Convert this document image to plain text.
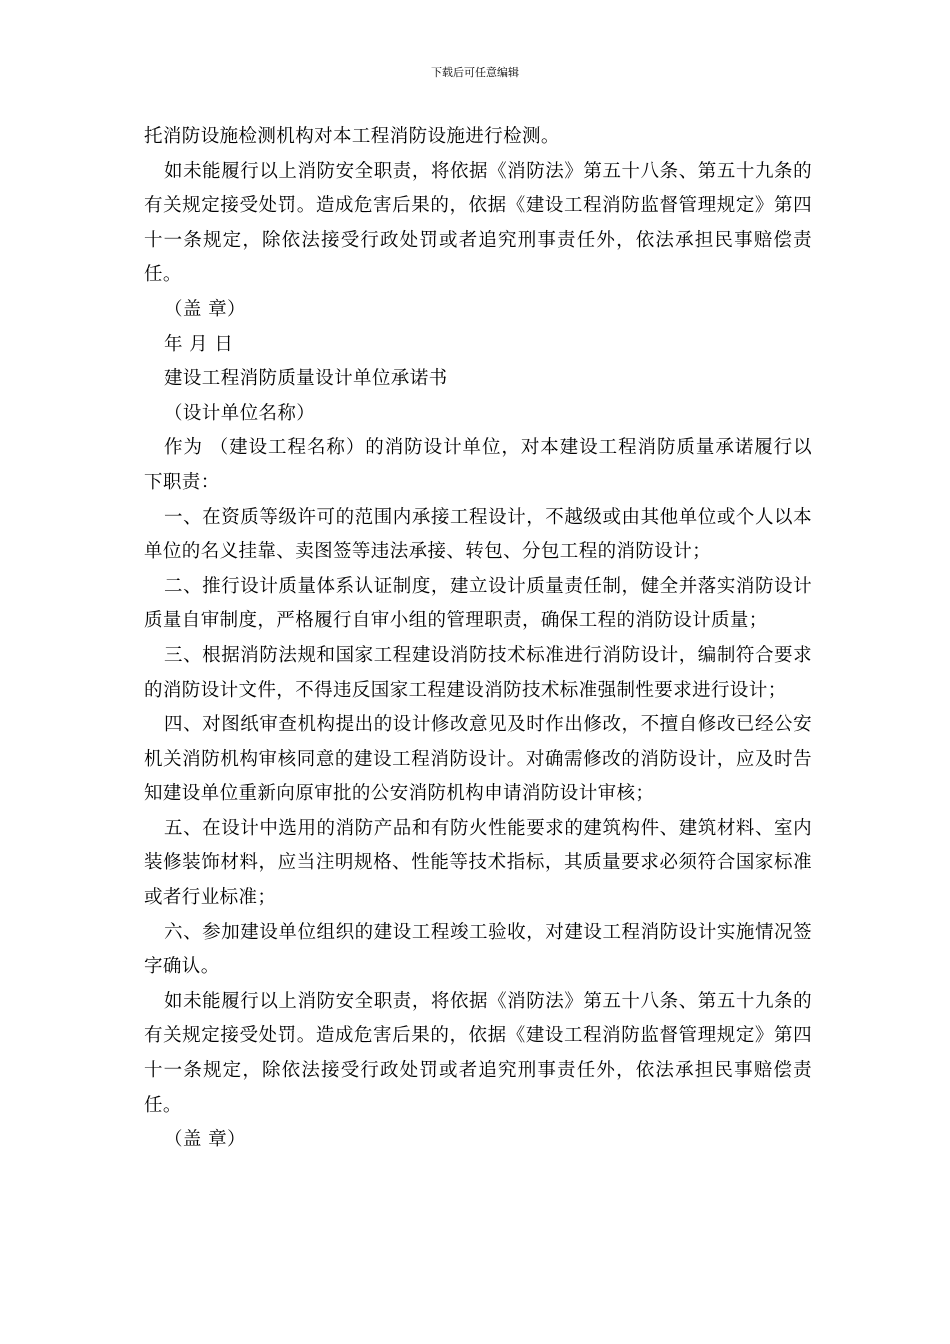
下载后可任意编辑

托消防设施检测机构对本工程消防设施进行检测。

如未能履行以上消防安全职责，将依据《消防法》第五十八条、第五十九条的有关规定接受处罚。造成危害后果的，依据《建设工程消防监督管理规定》第四十一条规定，除依法接受行政处罚或者追究刑事责任外，依法承担民事赔偿责任。

（盖 章）

年 月 日

建设工程消防质量设计单位承诺书

（设计单位名称）

作为 （建设工程名称）的消防设计单位，对本建设工程消防质量承诺履行以下职责：

一、在资质等级许可的范围内承接工程设计，不越级或由其他单位或个人以本单位的名义挂靠、卖图签等违法承接、转包、分包工程的消防设计；

二、推行设计质量体系认证制度，建立设计质量责任制，健全并落实消防设计质量自审制度，严格履行自审小组的管理职责，确保工程的消防设计质量；

三、根据消防法规和国家工程建设消防技术标准进行消防设计，编制符合要求的消防设计文件，不得违反国家工程建设消防技术标准强制性要求进行设计；

四、对图纸审查机构提出的设计修改意见及时作出修改，不擅自修改已经公安机关消防机构审核同意的建设工程消防设计。对确需修改的消防设计，应及时告知建设单位重新向原审批的公安消防机构申请消防设计审核；

五、在设计中选用的消防产品和有防火性能要求的建筑构件、建筑材料、室内装修装饰材料，应当注明规格、性能等技术指标，其质量要求必须符合国家标准或者行业标准；

六、参加建设单位组织的建设工程竣工验收，对建设工程消防设计实施情况签字确认。

如未能履行以上消防安全职责，将依据《消防法》第五十八条、第五十九条的有关规定接受处罚。造成危害后果的，依据《建设工程消防监督管理规定》第四十一条规定，除依法接受行政处罚或者追究刑事责任外，依法承担民事赔偿责任。

（盖 章）
